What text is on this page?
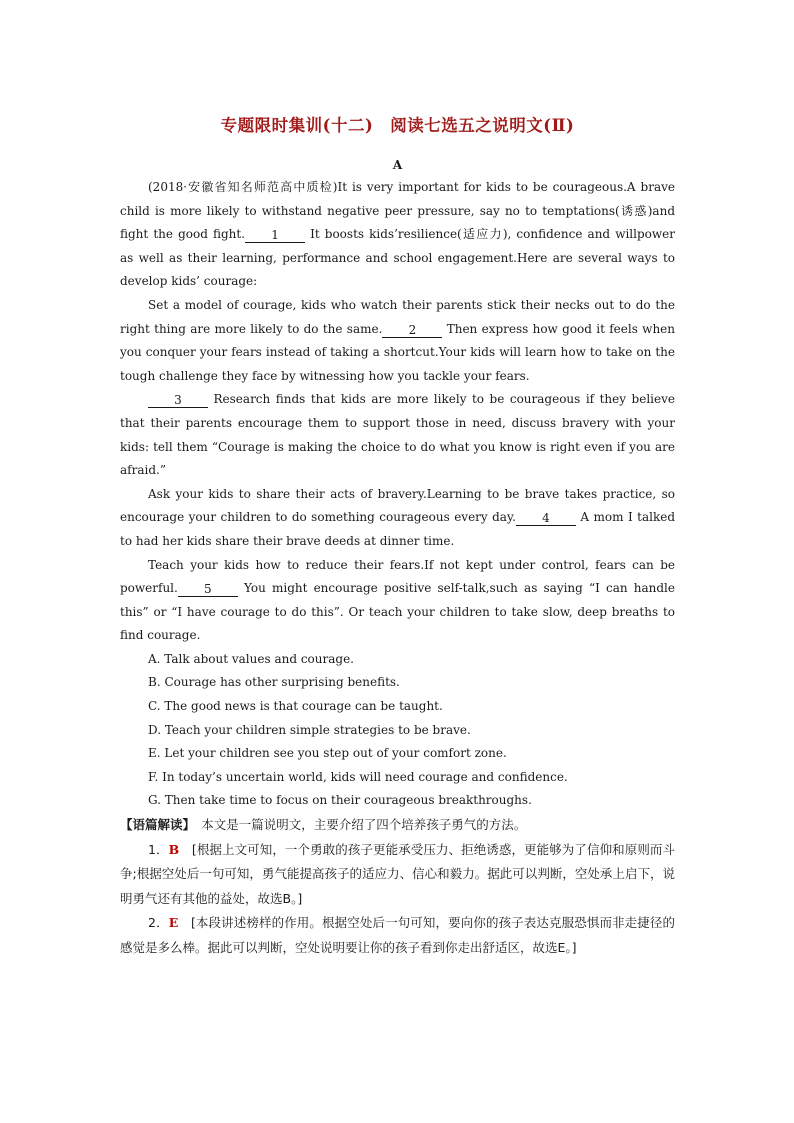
专题限时集训(十二)　阅读七选五之说明文(Ⅱ)
A

(2018·安徽省知名师范高中质检)It is very important for kids to be courageous.A brave child is more likely to withstand negative peer pressure, say no to temptations(诱惑)and fight the good fight. 1 It boosts kids’resilience(适应力), confidence and willpower as well as their learning, performance and school engagement.Here are several ways to develop kids’ courage:

Set a model of courage, kids who watch their parents stick their necks out to do the right thing are more likely to do the same. 2 Then express how good it feels when you conquer your fears instead of taking a shortcut.Your kids will learn how to take on the tough challenge they face by witnessing how you tackle your fears.

3 Research finds that kids are more likely to be courageous if they believe that their parents encourage them to support those in need, discuss bravery with your kids: tell them “Courage is making the choice to do what you know is right even if you are afraid.”

Ask your kids to share their acts of bravery.Learning to be brave takes practice, so encourage your children to do something courageous every day. 4 A mom I talked to had her kids share their brave deeds at dinner time.

Teach your kids how to reduce their fears.If not kept under control, fears can be powerful. 5 You might encourage positive self-talk,such as saying “I can handle this” or “I have courage to do this”. Or teach your children to take slow, deep breaths to find courage.

A. Talk about values and courage.

B. Courage has other surprising benefits.

C. The good news is that courage can be taught.

D. Teach your children simple strategies to be brave.

E. Let your children see you step out of your comfort zone.

F. In today’s uncertain world, kids will need courage and confidence.

G. Then take time to focus on their courageous breakthroughs.

【语篇解读】　本文是一篇说明文，主要介绍了四个培养孩子勇气的方法。

1．B　[根据上文可知，一个勇敢的孩子更能承受压力、拒绝诱惑，更能够为了信仰和原则而斗争;根据空处后一句可知，勇气能提高孩子的适应力、信心和毅力。据此可以判断，空处承上启下，说明勇气还有其他的益处，故选B。]

2．E　[本段讲述榜样的作用。根据空处后一句可知，要向你的孩子表达克服恐惧而非走捷径的感觉是多么棒。据此可以判断，空处说明要让你的孩子看到你走出舒适区，故选E。]
